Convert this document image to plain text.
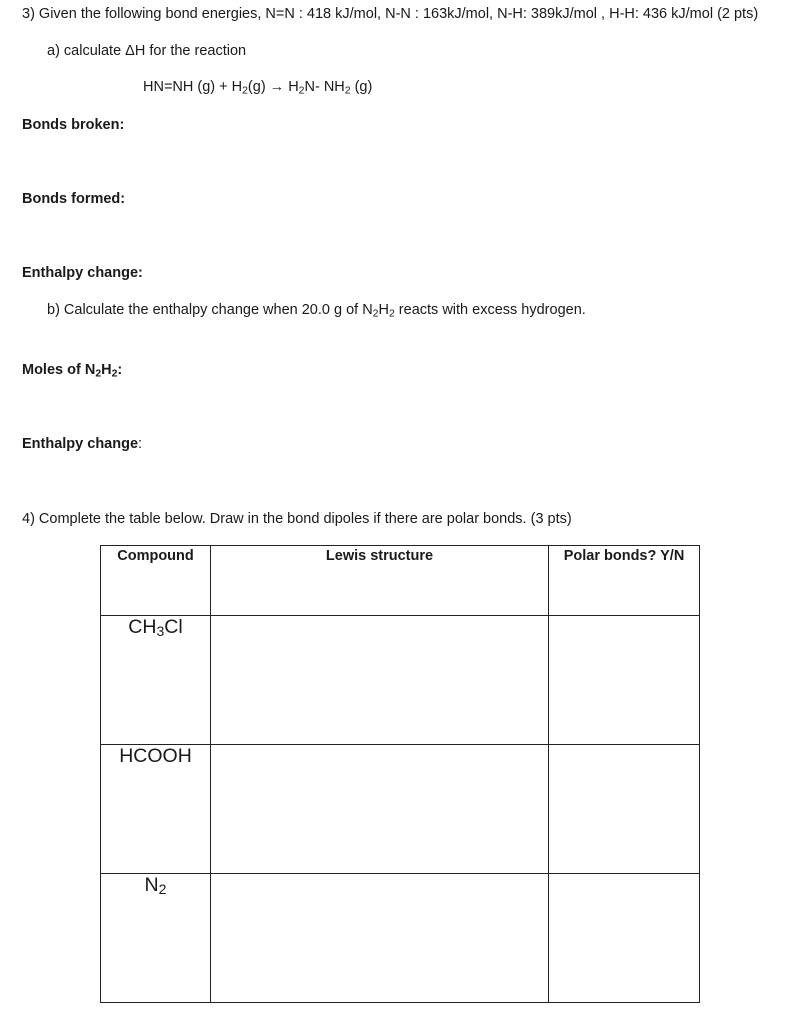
3) Given the following bond energies, N=N : 418 kJ/mol, N-N : 163kJ/mol, N-H: 389kJ/mol , H-H: 436 kJ/mol (2 pts)
a) calculate ΔH for the reaction
HN=NH $(g) + H_2(g) \to H_2N-$ $NH_2$ (g)
Bonds broken:
Bonds formed:
Enthalpy change:
b) Calculate the enthalpy change when 20.0 g of $N_2H_2$ reacts with excess hydrogen.
Moles of $N_2H_2$:
Enthalpy change:
4) Complete the table below. Draw in the bond dipoles if there are polar bonds. (3 pts)
Compound	Lewis structure	Polar bonds? Y/N
$CH_3Cl$		
HCOOH		
$N_2$		
